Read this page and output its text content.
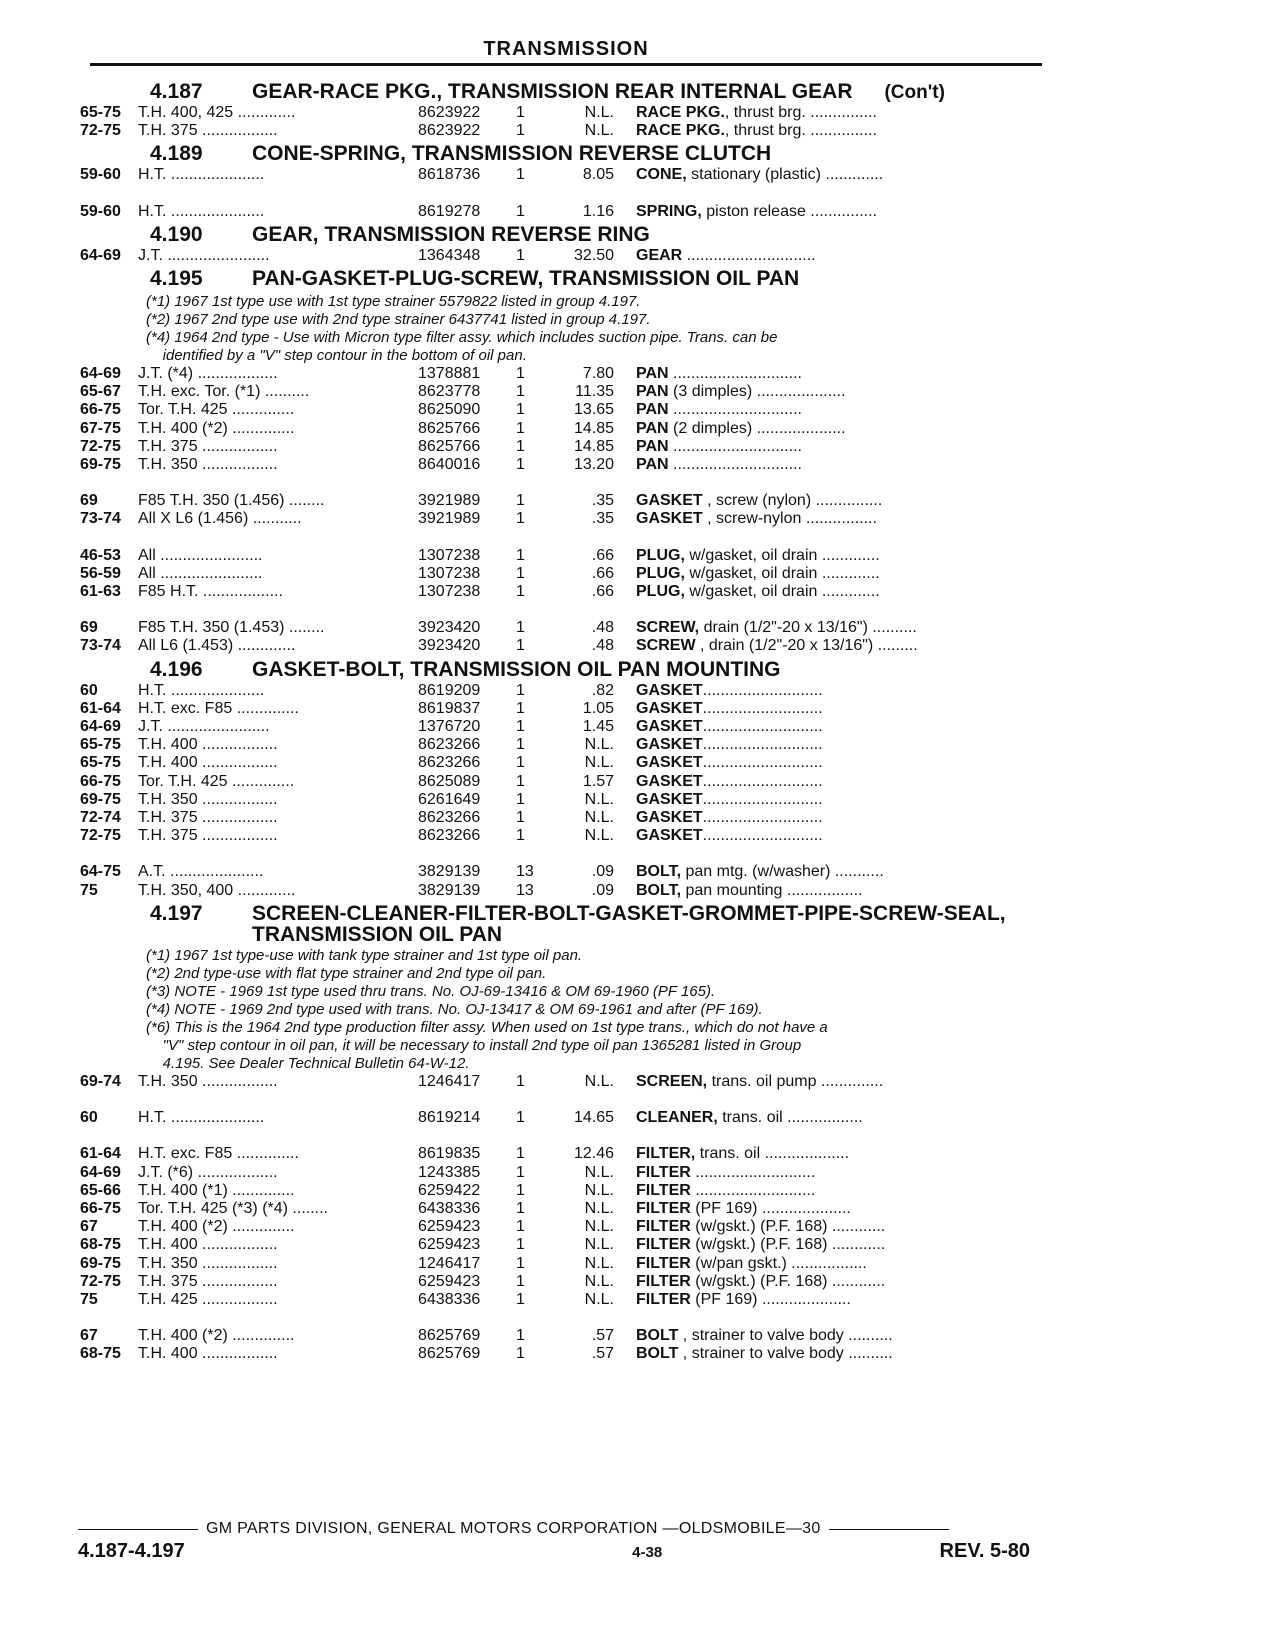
TRANSMISSION
4.187	GEAR-RACE PKG., TRANSMISSION REAR INTERNAL GEAR (Con't)
65-75	T.H. 400, 425 .............	8623922	1	N.L. RACE PKG., thrust brg. ...............
72-75	T.H. 375 .................	8623922	1	N.L. RACE PKG., thrust brg. ...............
4.189	CONE-SPRING, TRANSMISSION REVERSE CLUTCH
59-60	H.T. .....................	8618736	1	8.05 CONE, stationary (plastic) .............
59-60	H.T. .....................	8619278	1	1.16 SPRING, piston release ...............
4.190	GEAR, TRANSMISSION REVERSE RING
64-69	J.T. .......................	1364348	1	32.50 GEAR .............................
4.195	PAN-GASKET-PLUG-SCREW, TRANSMISSION OIL PAN
(*1) 1967 1st type use with 1st type strainer 5579822 listed in group 4.197.
(*2) 1967 2nd type use with 2nd type strainer 6437741 listed in group 4.197.
(*4) 1964 2nd type - Use with Micron type filter assy. which includes suction pipe. Trans. can be
identified by a "V" step contour in the bottom of oil pan.
64-69	J.T. (*4) ..................	1378881	1	7.80 PAN .............................
65-67	T.H. exc. Tor. (*1) ..........	8623778	1	11.35 PAN (3 dimples) ....................
66-75	Tor. T.H. 425 ..............	8625090	1	13.65 PAN .............................
67-75	T.H. 400 (*2) ..............	8625766	1	14.85 PAN (2 dimples) ....................
72-75	T.H. 375 .................	8625766	1	14.85 PAN .............................
69-75	T.H. 350 .................	8640016	1	13.20 PAN .............................
69	F85 T.H. 350 (1.456) ........	3921989	1	.35 GASKET , screw (nylon) ...............
73-74	All X L6 (1.456) ...........	3921989	1	.35 GASKET , screw-nylon ................
46-53	All .......................	1307238	1	.66 PLUG, w/gasket, oil drain .............
56-59	All .......................	1307238	1	.66 PLUG, w/gasket, oil drain .............
61-63	F85 H.T. ..................	1307238	1	.66 PLUG, w/gasket, oil drain .............
69	F85 T.H. 350 (1.453) ........	3923420	1	.48 SCREW, drain (1/2"-20 x 13/16") ..........
73-74	All L6 (1.453) .............	3923420	1	.48 SCREW , drain (1/2"-20 x 13/16") .........
4.196	GASKET-BOLT, TRANSMISSION OIL PAN MOUNTING
60	H.T. .....................	8619209	1	.82 GASKET...........................
61-64	H.T. exc. F85 ..............	8619837	1	1.05 GASKET...........................
64-69	J.T. .......................	1376720	1	1.45 GASKET...........................
65-75	T.H. 400 .................	8623266	1	N.L. GASKET...........................
65-75	T.H. 400 .................	8623266	1	N.L. GASKET...........................
66-75	Tor. T.H. 425 ..............	8625089	1	1.57 GASKET...........................
69-75	T.H. 350 .................	6261649	1	N.L. GASKET...........................
72-74	T.H. 375 .................	8623266	1	N.L. GASKET...........................
72-75	T.H. 375 .................	8623266	1	N.L. GASKET...........................
64-75	A.T. .....................	3829139	13	.09 BOLT, pan mtg. (w/washer) ...........
75	T.H. 350, 400 .............	3829139	13	.09 BOLT, pan mounting .................
4.197	SCREEN-CLEANER-FILTER-BOLT-GASKET-GROMMET-PIPE-SCREW-SEAL,
TRANSMISSION OIL PAN
(*1) 1967 1st type-use with tank type strainer and 1st type oil pan.
(*2) 2nd type-use with flat type strainer and 2nd type oil pan.
(*3) NOTE - 1969 1st type used thru trans. No. OJ-69-13416 & OM 69-1960 (PF 165).
(*4) NOTE - 1969 2nd type used with trans. No. OJ-13417 & OM 69-1961 and after (PF 169).
(*6) This is the 1964 2nd type production filter assy. When used on 1st type trans., which do not have a
"V" step contour in oil pan, it will be necessary to install 2nd type oil pan 1365281 listed in Group
4.195. See Dealer Technical Bulletin 64-W-12.
69-74	T.H. 350 .................	1246417	1	N.L. SCREEN, trans. oil pump ..............
60	H.T. .....................	8619214	1	14.65 CLEANER, trans. oil .................
61-64	H.T. exc. F85 ..............	8619835	1	12.46 FILTER, trans. oil ...................
64-69	J.T. (*6) ..................	1243385	1	N.L. FILTER ...........................
65-66	T.H. 400 (*1) ..............	6259422	1	N.L. FILTER ...........................
66-75	Tor. T.H. 425 (*3) (*4) ........	6438336	1	N.L. FILTER (PF 169) ....................
67	T.H. 400 (*2) ..............	6259423	1	N.L. FILTER (w/gskt.) (P.F. 168) ............
68-75	T.H. 400 .................	6259423	1	N.L. FILTER (w/gskt.) (P.F. 168) ............
69-75	T.H. 350 .................	1246417	1	N.L. FILTER (w/pan gskt.) .................
72-75	T.H. 375 .................	6259423	1	N.L. FILTER (w/gskt.) (P.F. 168) ............
75	T.H. 425 .................	6438336	1	N.L. FILTER (PF 169) ....................
67	T.H. 400 (*2) ..............	8625769	1	.57 BOLT , strainer to valve body ..........
68-75	T.H. 400 .................	8625769	1	.57 BOLT , strainer to valve body ..........
GM PARTS DIVISION, GENERAL MOTORS CORPORATION —OLDSMOBILE—30
4.187-4.197	4-38	REV. 5-80
